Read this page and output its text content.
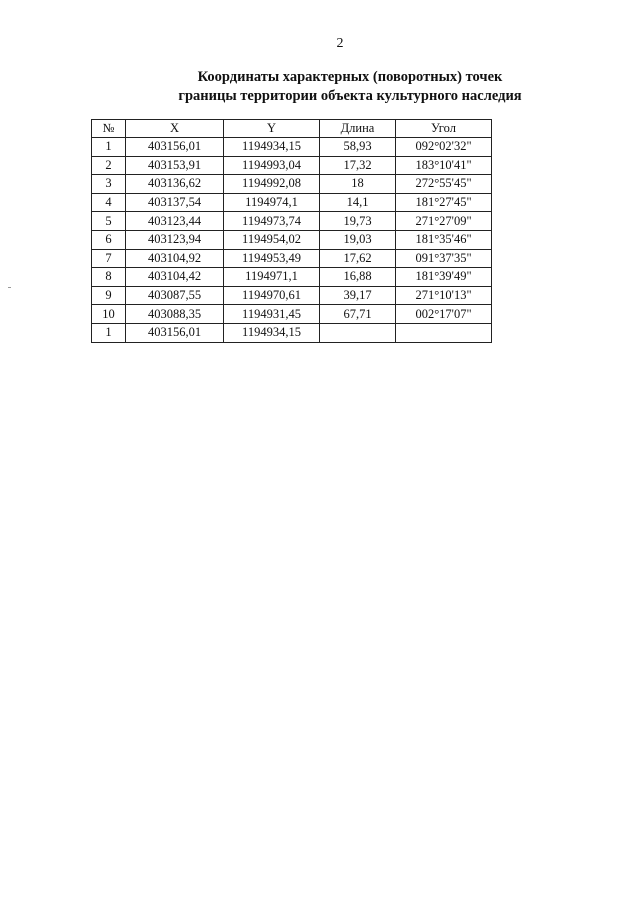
2
Координаты характерных (поворотных) точек
границы территории объекта культурного наследия
№	X	Y	Длина	Угол
1	403156,01	1194934,15	58,93	092°02'32"
2	403153,91	1194993,04	17,32	183°10'41"
3	403136,62	1194992,08	18	272°55'45"
4	403137,54	1194974,1	14,1	181°27'45"
5	403123,44	1194973,74	19,73	271°27'09"
6	403123,94	1194954,02	19,03	181°35'46"
7	403104,92	1194953,49	17,62	091°37'35"
8	403104,42	1194971,1	16,88	181°39'49"
9	403087,55	1194970,61	39,17	271°10'13"
10	403088,35	1194931,45	67,71	002°17'07"
1	403156,01	1194934,15		
